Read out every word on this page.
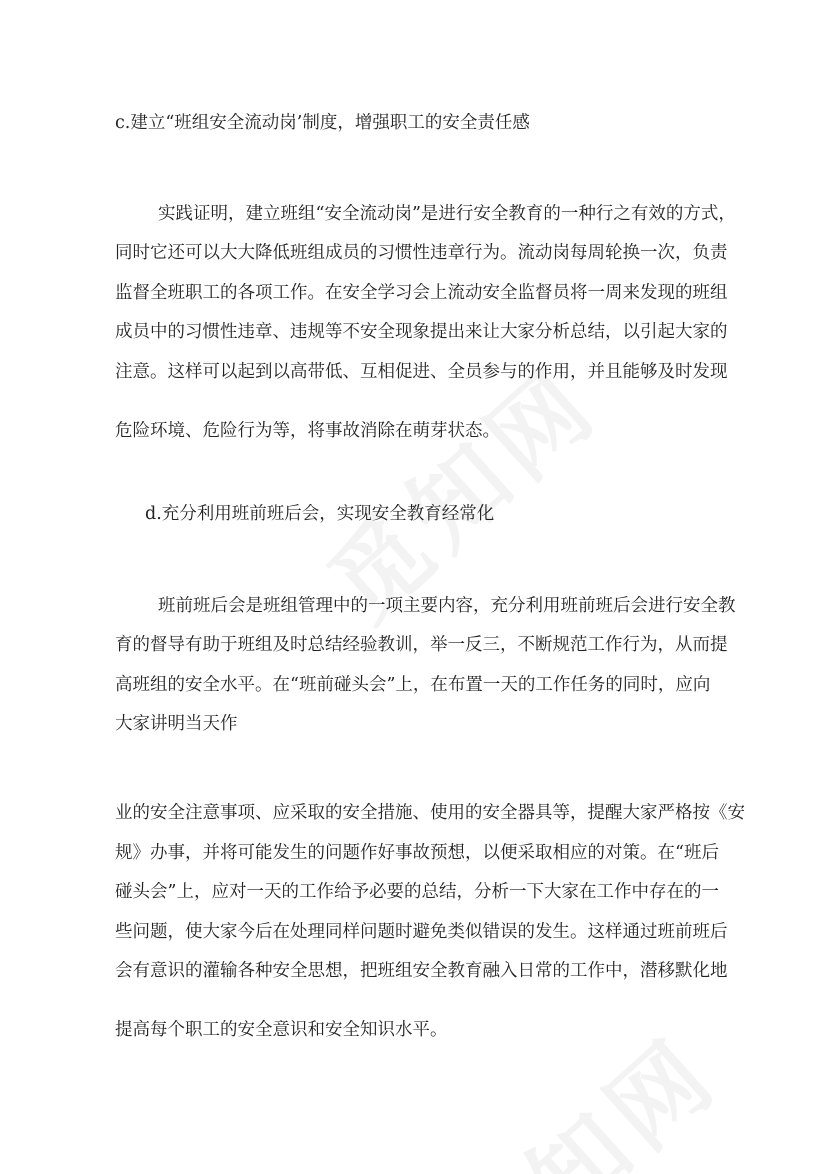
c.建立“班组安全流动岗’制度，增强职工的安全责任感
实践证明，建立班组“安全流动岗”是进行安全教育的一种行之有效的方式，
同时它还可以大大降低班组成员的习惯性违章行为。流动岗每周轮换一次，负责
监督全班职工的各项工作。在安全学习会上流动安全监督员将一周来发现的班组
成员中的习惯性违章、违规等不安全现象提出来让大家分析总结，以引起大家的
注意。这样可以起到以高带低、互相促进、全员参与的作用，并且能够及时发现
危险环境、危险行为等，将事故消除在萌芽状态。
d.充分利用班前班后会，实现安全教育经常化
班前班后会是班组管理中的一项主要内容，充分利用班前班后会进行安全教
育的督导有助于班组及时总结经验教训，举一反三，不断规范工作行为，从而提
高班组的安全水平。在“班前碰头会”上，在布置一天的工作任务的同时，应向
大家讲明当天作
业的安全注意事项、应采取的安全措施、使用的安全器具等，提醒大家严格按《安
规》办事，并将可能发生的问题作好事故预想，以便采取相应的对策。在“班后
碰头会”上，应对一天的工作给予必要的总结，分析一下大家在工作中存在的一
些问题，使大家今后在处理同样问题时避免类似错误的发生。这样通过班前班后
会有意识的灌输各种安全思想，把班组安全教育融入日常的工作中，潜移默化地
提高每个职工的安全意识和安全知识水平。
